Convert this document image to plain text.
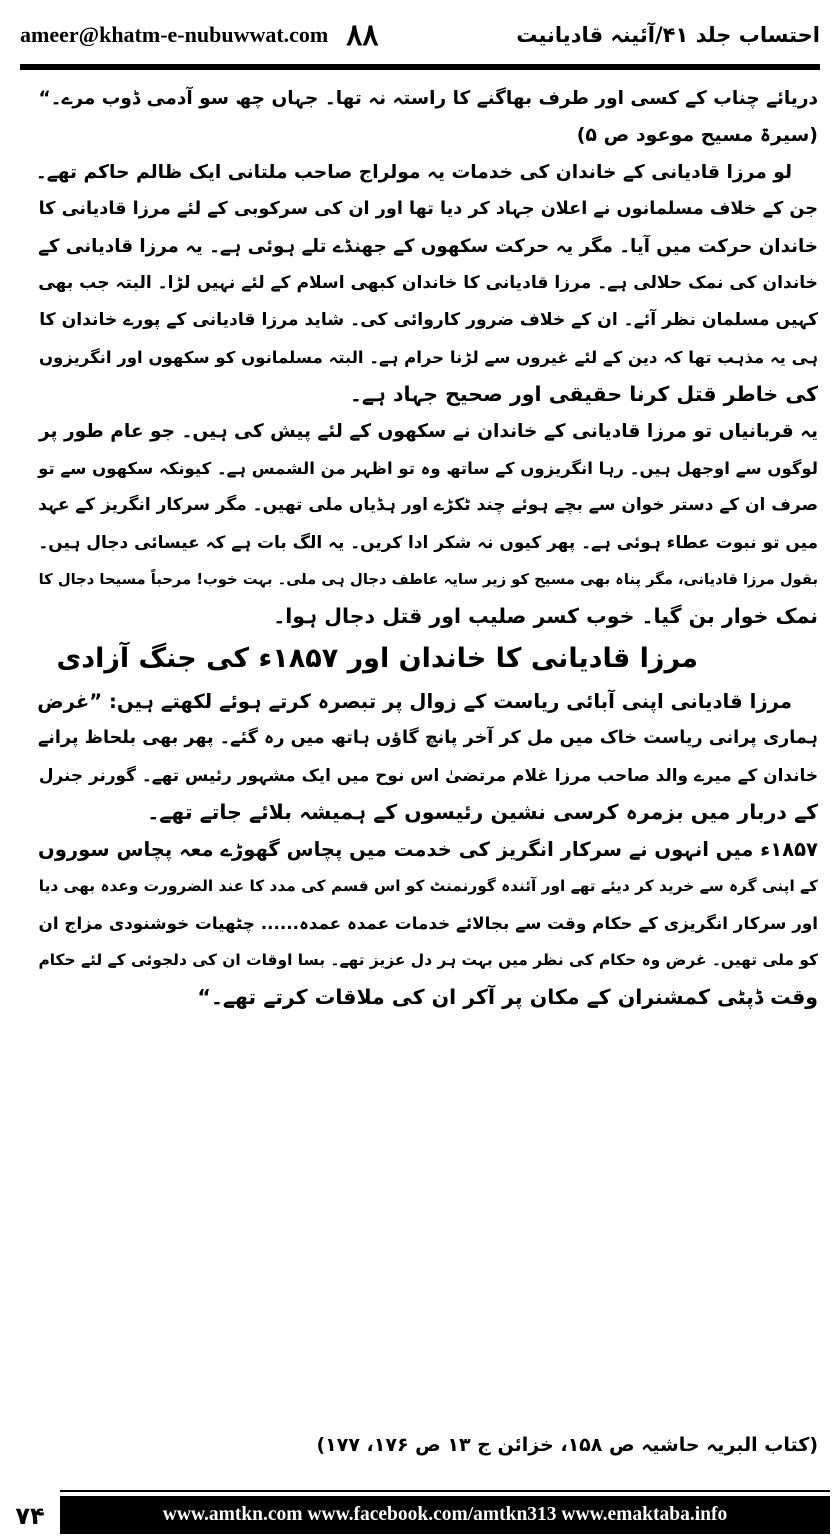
ameer@khatm-e-nubuwwat.com ۸۸	احتساب جلد ۴۱/آئینہ قادیانیت
دریائے چناب کے کسی اور طرف بھاگنے کا راستہ نہ تھا۔ جہاں چھ سو آدمی ڈوب مرے۔“
(سیرۃ مسیح موعود ص ۵)
لو مرزا قادیانی کے خاندان کی خدمات یہ مولراج صاحب ملتانی ایک ظالم حاکم تھے۔
جن کے خلاف مسلمانوں نے اعلان جہاد کر دیا تھا اور ان کی سرکوبی کے لئے مرزا قادیانی کا
خاندان حرکت میں آیا۔ مگر یہ حرکت سکھوں کے جھنڈے تلے ہوئی ہے۔ یہ مرزا قادیانی کے
خاندان کی نمک حلالی ہے۔ مرزا قادیانی کا خاندان کبھی اسلام کے لئے نہیں لڑا۔ البتہ جب بھی
کہیں مسلمان نظر آئے۔ ان کے خلاف ضرور کاروائی کی۔ شاید مرزا قادیانی کے پورے خاندان کا
ہی یہ مذہب تھا کہ دین کے لئے غیروں سے لڑنا حرام ہے۔ البتہ مسلمانوں کو سکھوں اور انگریزوں
کی خاطر قتل کرنا حقیقی اور صحیح جہاد ہے۔
یہ قربانیاں تو مرزا قادیانی کے خاندان نے سکھوں کے لئے پیش کی ہیں۔ جو عام طور پر
لوگوں سے اوجھل ہیں۔ رہا انگریزوں کے ساتھ وہ تو اظہر من الشمس ہے۔ کیونکہ سکھوں سے تو
صرف ان کے دستر خوان سے بچے ہوئے چند ٹکڑے اور ہڈیاں ملی تھیں۔ مگر سرکار انگریز کے عہد
میں تو نبوت عطاء ہوئی ہے۔ پھر کیوں نہ شکر ادا کریں۔ یہ الگ بات ہے کہ عیسائی دجال ہیں۔
بقول مرزا قادیانی، مگر پناہ بھی مسیح کو زیر سایہ عاطف دجال ہی ملی۔ بہت خوب! مرحباً مسیحا دجال کا
نمک خوار بن گیا۔ خوب کسر صلیب اور قتل دجال ہوا۔
مرزا قادیانی کا خاندان اور ۱۸۵۷ء کی جنگ آزادی
مرزا قادیانی اپنی آبائی ریاست کے زوال پر تبصرہ کرتے ہوئے لکھتے ہیں: ”غرض
ہماری پرانی ریاست خاک میں مل کر آخر پانچ گاؤں ہاتھ میں رہ گئے۔ پھر بھی بلحاظ پرانے
خاندان کے میرے والد صاحب مرزا غلام مرتضیٰ اس نوح میں ایک مشہور رئیس تھے۔ گورنر جنرل
کے دربار میں بزمرہ کرسی نشین رئیسوں کے ہمیشہ بلائے جاتے تھے۔
۱۸۵۷ء میں انہوں نے سرکار انگریز کی خدمت میں پچاس گھوڑے معہ پچاس سوروں
کے اپنی گرہ سے خرید کر دیئے تھے اور آئندہ گورنمنٹ کو اس قسم کی مدد کا عند الضرورت وعدہ بھی دیا
اور سرکار انگریزی کے حکام وقت سے بجالائے خدمات عمدہ عمدہ...... چٹھیات خوشنودی مزاج ان
کو ملی تھیں۔ غرض وہ حکام کی نظر میں بہت ہر دل عزیز تھے۔ بسا اوقات ان کی دلجوئی کے لئے حکام
وقت ڈپٹی کمشنران کے مکان پر آکر ان کی ملاقات کرتے تھے۔“
(کتاب البریہ حاشیہ ص ۱۵۸، خزائن ج ۱۳ ص ۱۷۶، ۱۷۷)
۷۴	www.amtkn.com www.facebook.com/amtkn313 www.emaktaba.info
